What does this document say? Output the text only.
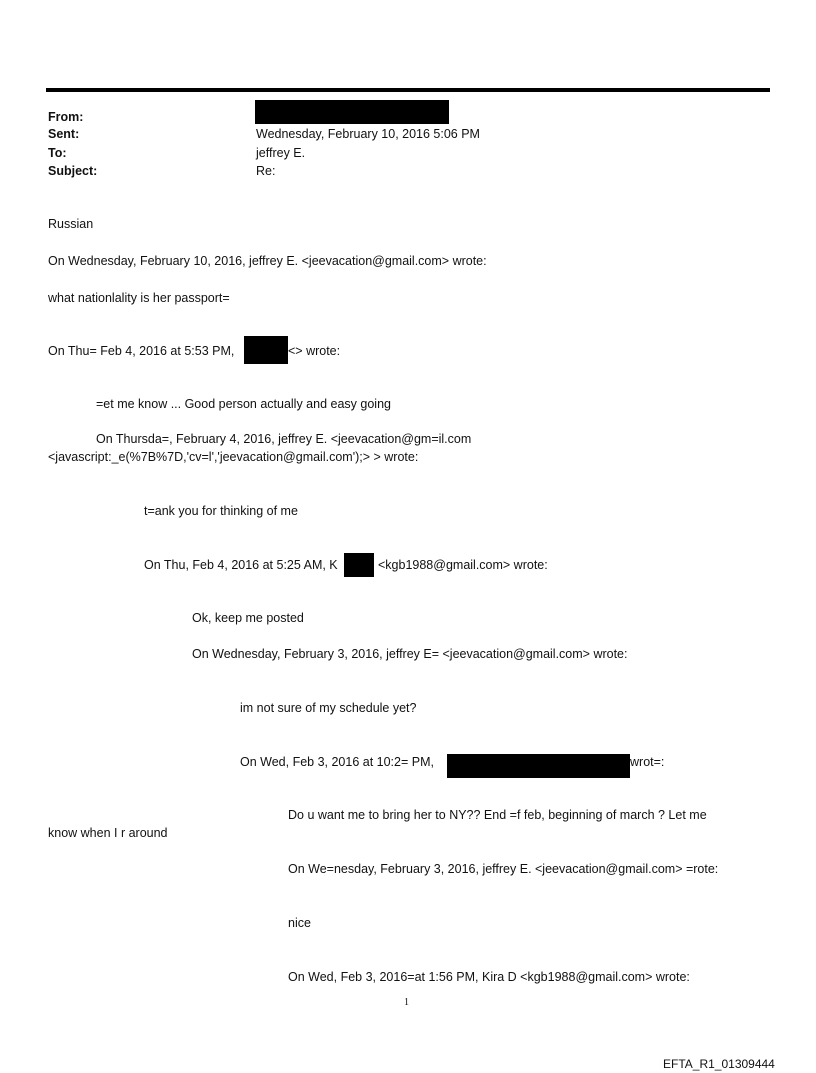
From:
Sent:	Wednesday, February 10, 2016 5:06 PM
To:	jeffrey E.
Subject:	Re:
Russian
On Wednesday, February 10, 2016, jeffrey E. <jeevacation@gmail.com> wrote:
what nationlality is her passport=
On Thu= Feb 4, 2016 at 5:53 PM,	<> wrote:
=et me know ... Good person actually and easy going
On Thursda=, February 4, 2016, jeffrey E. <jeevacation@gm=il.com
<javascript:_e(%7B%7D,'cv=l','jeevacation@gmail.com');> > wrote:
t=ank you for thinking of me
On Thu, Feb 4, 2016 at 5:25 AM, K	<kgb1988@gmail.com> wrote:
Ok, keep me posted
On Wednesday, February 3, 2016, jeffrey E= <jeevacation@gmail.com> wrote:
im not sure of my schedule yet?
On Wed, Feb 3, 2016 at 10:2= PM,	wrot=:
Do u want me to bring her to NY?? End =f feb, beginning of march ? Let me
know when I r around
On We=nesday, February 3, 2016, jeffrey E. <jeevacation@gmail.com> =rote:
nice
On Wed, Feb 3, 2016=at 1:56 PM, Kira D <kgb1988@gmail.com> wrote:
1
EFTA_R1_01309444
